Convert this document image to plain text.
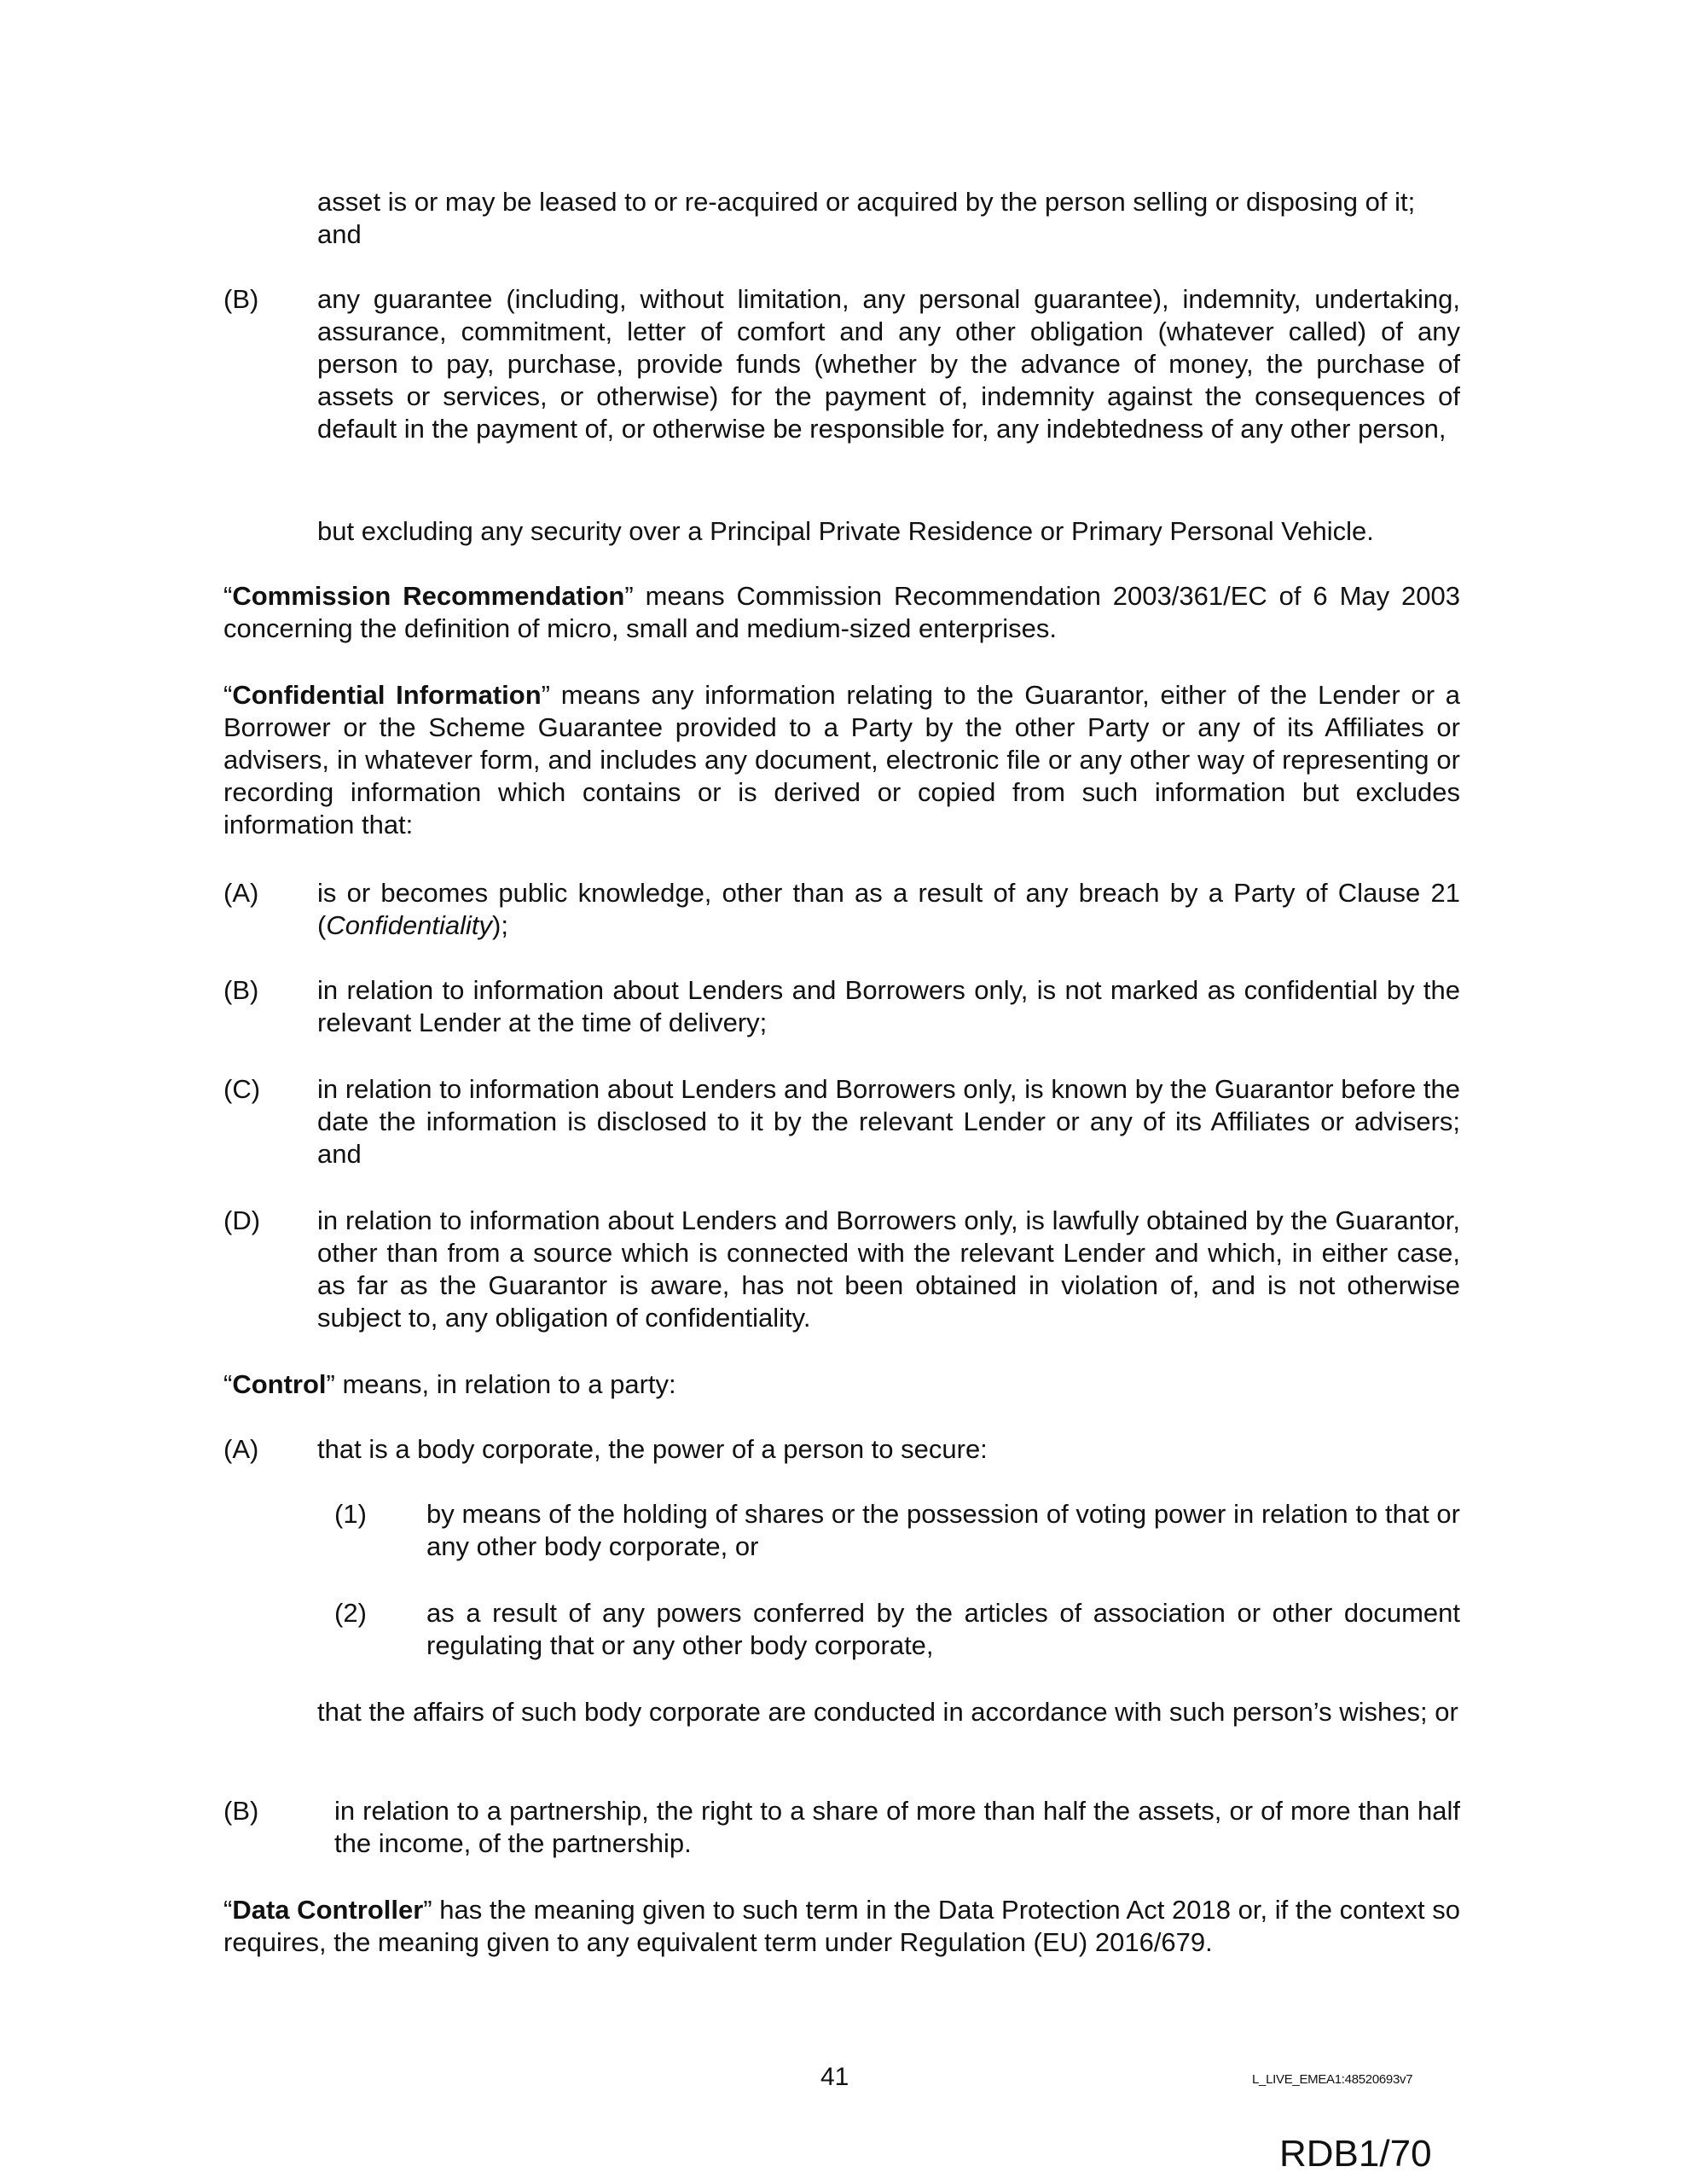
asset is or may be leased to or re-acquired or acquired by the person selling or disposing of it; and
(B) any guarantee (including, without limitation, any personal guarantee), indemnity, undertaking, assurance, commitment, letter of comfort and any other obligation (whatever called) of any person to pay, purchase, provide funds (whether by the advance of money, the purchase of assets or services, or otherwise) for the payment of, indemnity against the consequences of default in the payment of, or otherwise be responsible for, any indebtedness of any other person,
but excluding any security over a Principal Private Residence or Primary Personal Vehicle.
“Commission Recommendation” means Commission Recommendation 2003/361/EC of 6 May 2003 concerning the definition of micro, small and medium-sized enterprises.
“Confidential Information” means any information relating to the Guarantor, either of the Lender or a Borrower or the Scheme Guarantee provided to a Party by the other Party or any of its Affiliates or advisers, in whatever form, and includes any document, electronic file or any other way of representing or recording information which contains or is derived or copied from such information but excludes information that:
(A) is or becomes public knowledge, other than as a result of any breach by a Party of Clause 21 (Confidentiality);
(B) in relation to information about Lenders and Borrowers only, is not marked as confidential by the relevant Lender at the time of delivery;
(C) in relation to information about Lenders and Borrowers only, is known by the Guarantor before the date the information is disclosed to it by the relevant Lender or any of its Affiliates or advisers; and
(D) in relation to information about Lenders and Borrowers only, is lawfully obtained by the Guarantor, other than from a source which is connected with the relevant Lender and which, in either case, as far as the Guarantor is aware, has not been obtained in violation of, and is not otherwise subject to, any obligation of confidentiality.
“Control” means, in relation to a party:
(A) that is a body corporate, the power of a person to secure:
(1) by means of the holding of shares or the possession of voting power in relation to that or any other body corporate, or
(2) as a result of any powers conferred by the articles of association or other document regulating that or any other body corporate,
that the affairs of such body corporate are conducted in accordance with such person’s wishes; or
(B)	in relation to a partnership, the right to a share of more than half the assets, or of more than half the income, of the partnership.
“Data Controller” has the meaning given to such term in the Data Protection Act 2018 or, if the context so requires, the meaning given to any equivalent term under Regulation (EU) 2016/679.
41	L_LIVE_EMEA1:48520693v7
RDB1/70
